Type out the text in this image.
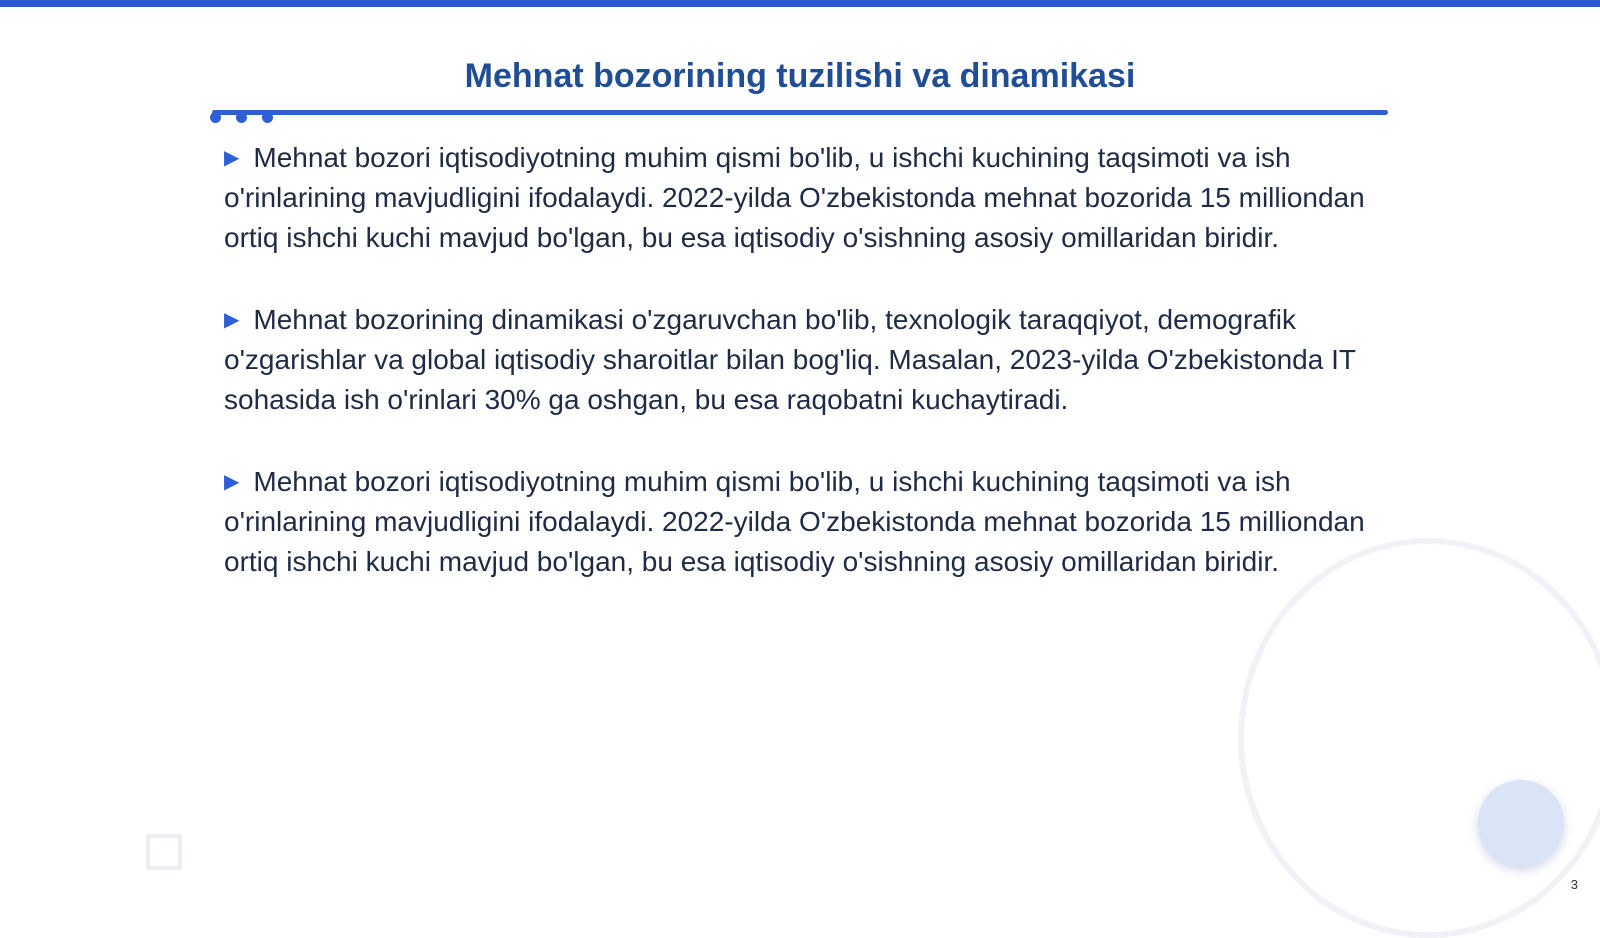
Mehnat bozorining tuzilishi va dinamikasi

▶ Mehnat bozori iqtisodiyotning muhim qismi bo'lib, u ishchi kuchining taqsimoti va ish o'rinlarining mavjudligini ifodalaydi. 2022-yilda O'zbekistonda mehnat bozorida 15 milliondan ortiq ishchi kuchi mavjud bo'lgan, bu esa iqtisodiy o'sishning asosiy omillaridan biridir.

▶ Mehnat bozorining dinamikasi o'zgaruvchan bo'lib, texnologik taraqqiyot, demografik o'zgarishlar va global iqtisodiy sharoitlar bilan bog'liq. Masalan, 2023-yilda O'zbekistonda IT sohasida ish o'rinlari 30% ga oshgan, bu esa raqobatni kuchaytiradi.

▶ Mehnat bozori iqtisodiyotning muhim qismi bo'lib, u ishchi kuchining taqsimoti va ish o'rinlarining mavjudligini ifodalaydi. 2022-yilda O'zbekistonda mehnat bozorida 15 milliondan ortiq ishchi kuchi mavjud bo'lgan, bu esa iqtisodiy o'sishning asosiy omillaridan biridir.

3
